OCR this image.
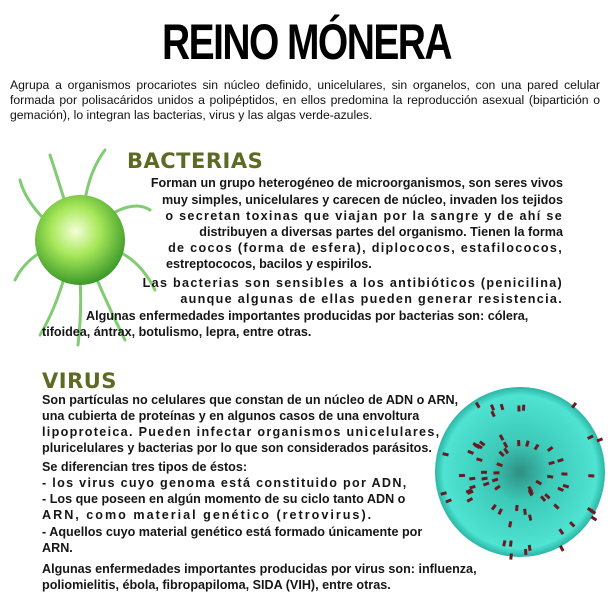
REINO MÓNERA
Agrupa a organismos procariotes sin núcleo definido, unicelulares, sin organelos, con una pared celular formada por polisacáridos unidos a polipéptidos, en ellos predomina la reproducción asexual (bipartición o gemación), lo integran las bacterias, virus y las algas verde-azules.
BACTERIAS
Forman un grupo heterogéneo de microorganismos, son seres vivos
muy simples, unicelulares y carecen de núcleo, invaden los tejidos
o secretan toxinas que viajan por la sangre y de ahí se
distribuyen a diversas partes del organismo. Tienen la forma
de cocos (forma de esfera), diplococos, estafilococos,
estreptococos, bacilos y espirilos.
Las bacterias son sensibles a los antibióticos (penicilina)
aunque algunas de ellas pueden generar resistencia.
Algunas enfermedades importantes producidas por bacterias son: cólera,
tifoidea, ántrax, botulismo, lepra, entre otras.
VIRUS
Son partículas no celulares que constan de un núcleo de ADN o ARN,
una cubierta de proteínas y en algunos casos de una envoltura
lipoproteica. Pueden infectar organismos unicelulares,
pluricelulares y bacterias por lo que son considerados parásitos.
Se diferencian tres tipos de éstos:
- los virus cuyo genoma está constituido por ADN,
- Los que poseen en algún momento de su ciclo tanto ADN o
ARN, como material genético (retrovirus).
- Aquellos cuyo material genético está formado únicamente por
ARN.
Algunas enfermedades importantes producidas por virus son: influenza,
poliomielitis, ébola, fibropapiloma, SIDA (VIH), entre otras.
